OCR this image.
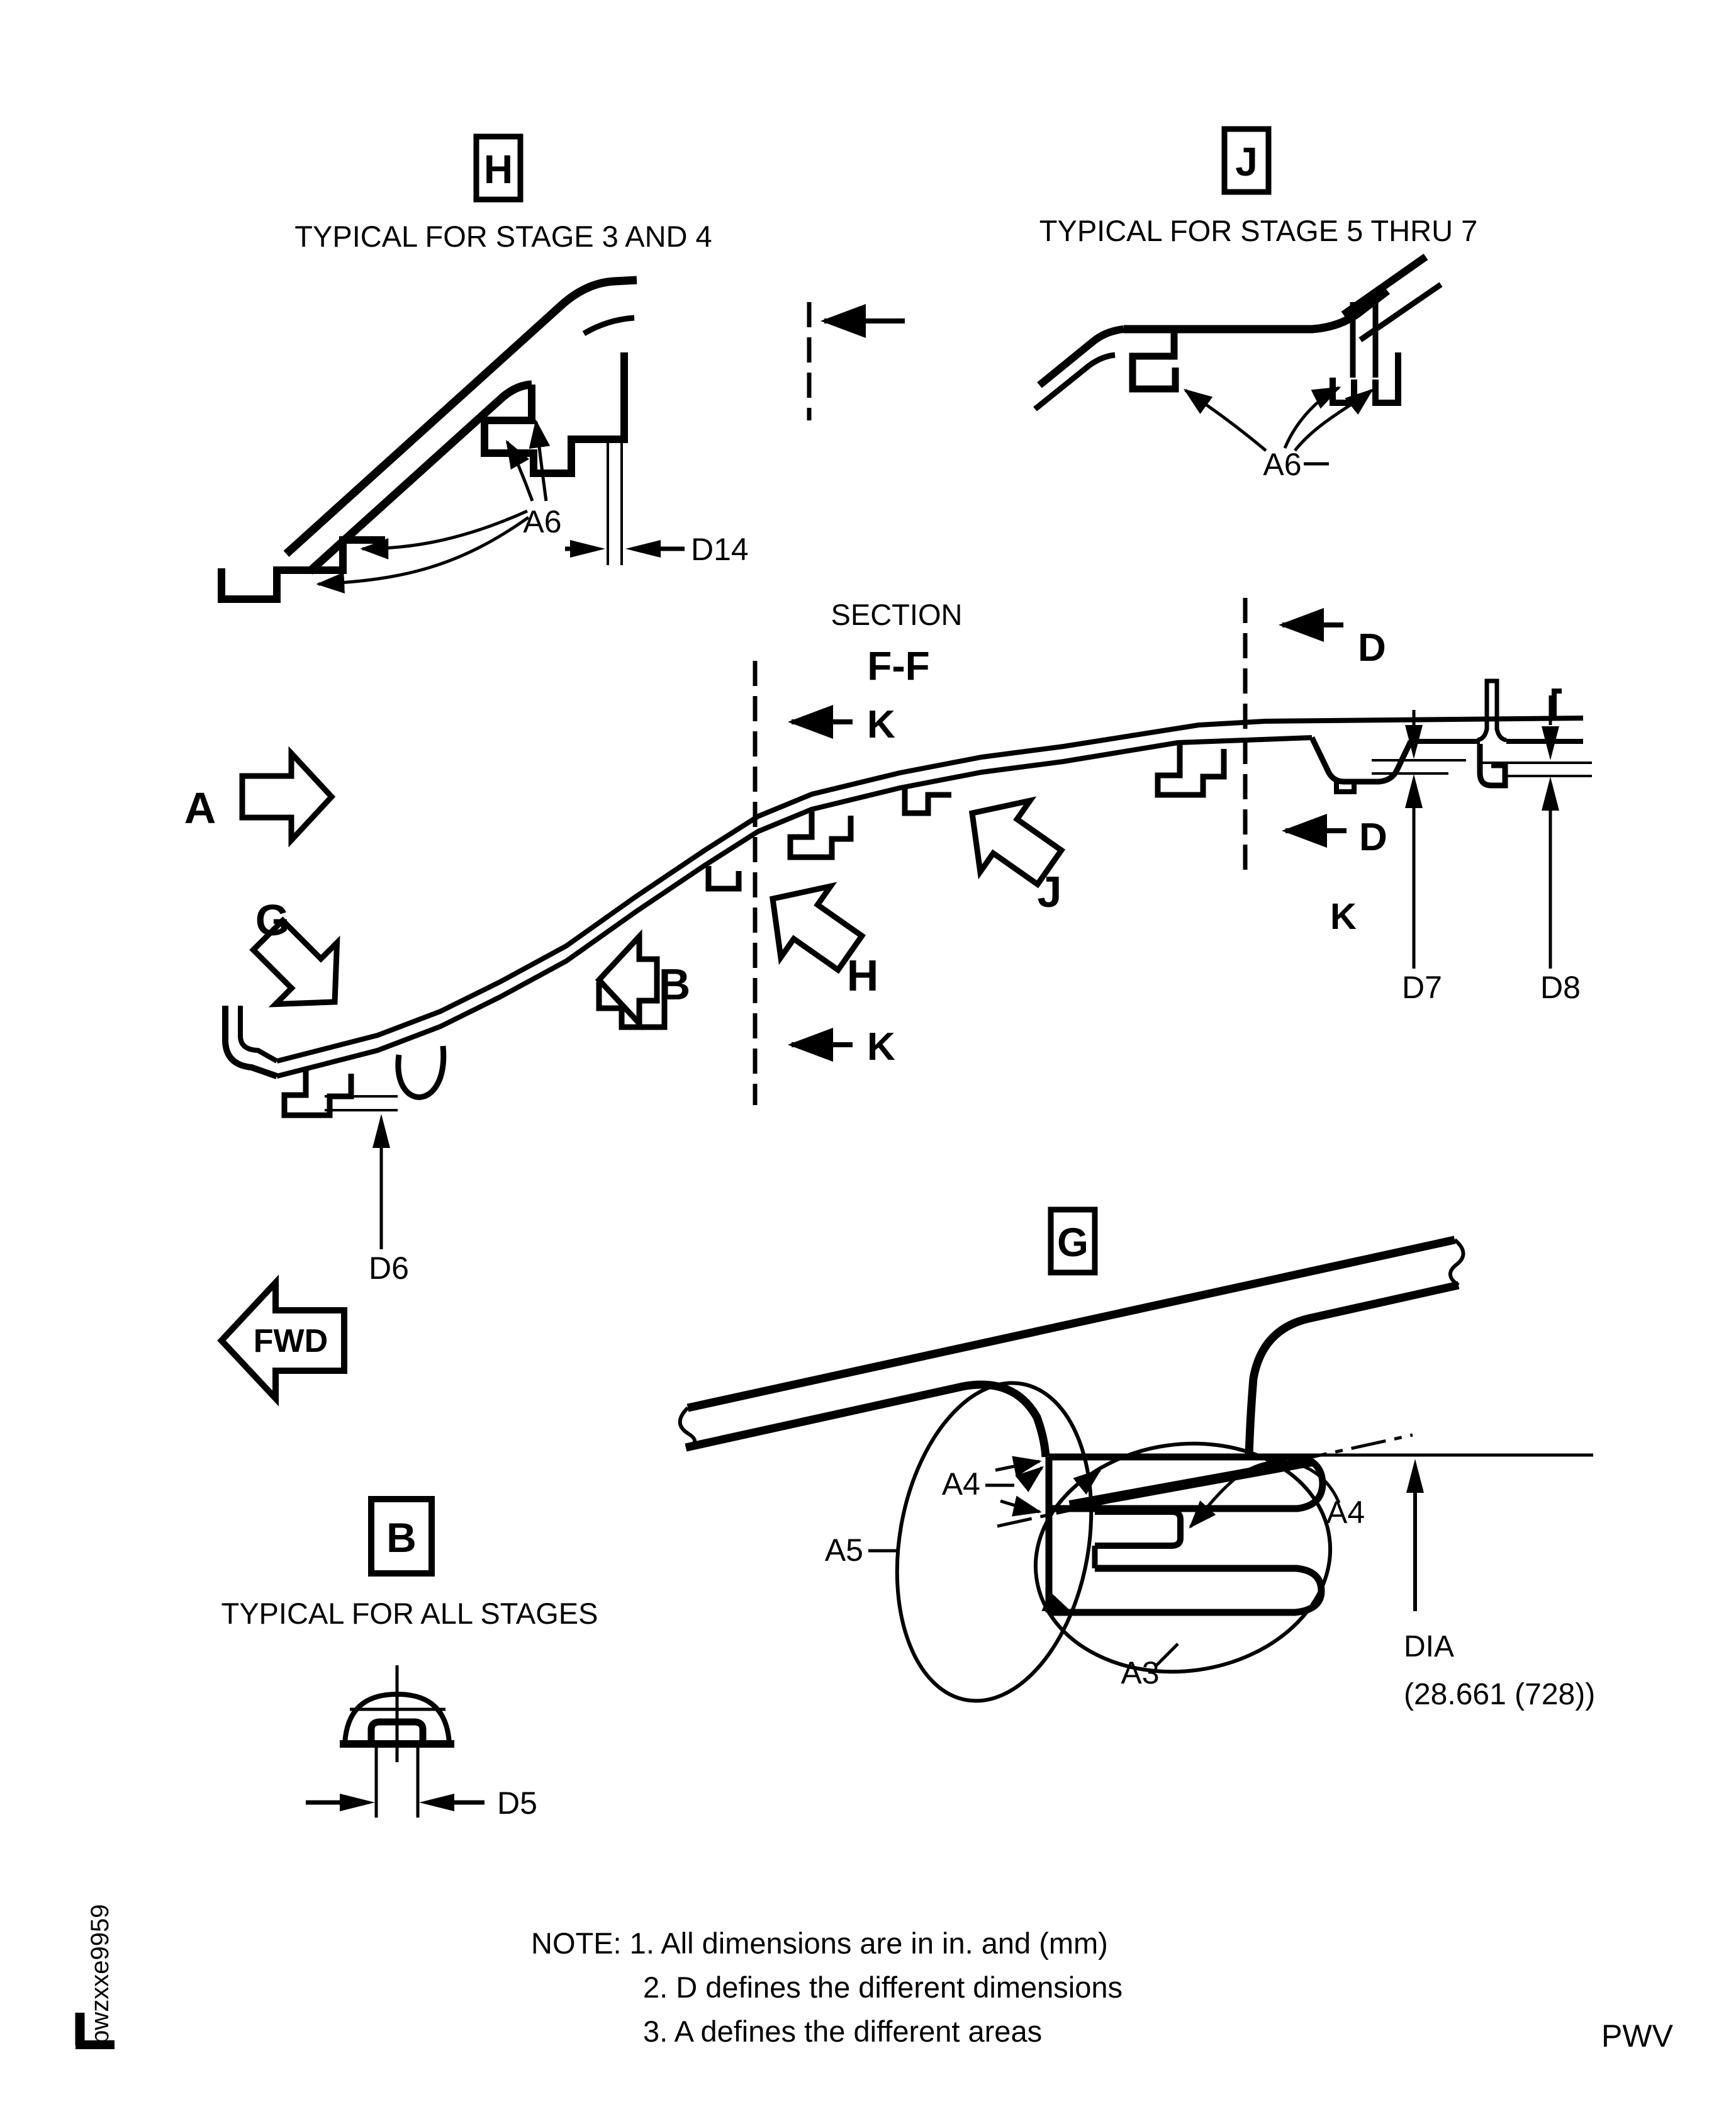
H
TYPICAL FOR STAGE 3 AND 4
D14
A6
J
TYPICAL FOR STAGE 5 THRU 7
A6
SECTION
F-F
K
K
D
D
K
D7	D8
D6
A
G
B	H
J
FWD
G
DIA
(28.661 (728))
A4
A4
A5
A3
B
TYPICAL FOR ALL STAGES
D5
NOTE: 1. All dimensions are in in. and (mm)
2. D defines the different dimensions
3. A defines the different areas
pwzxxe9959	PWV
